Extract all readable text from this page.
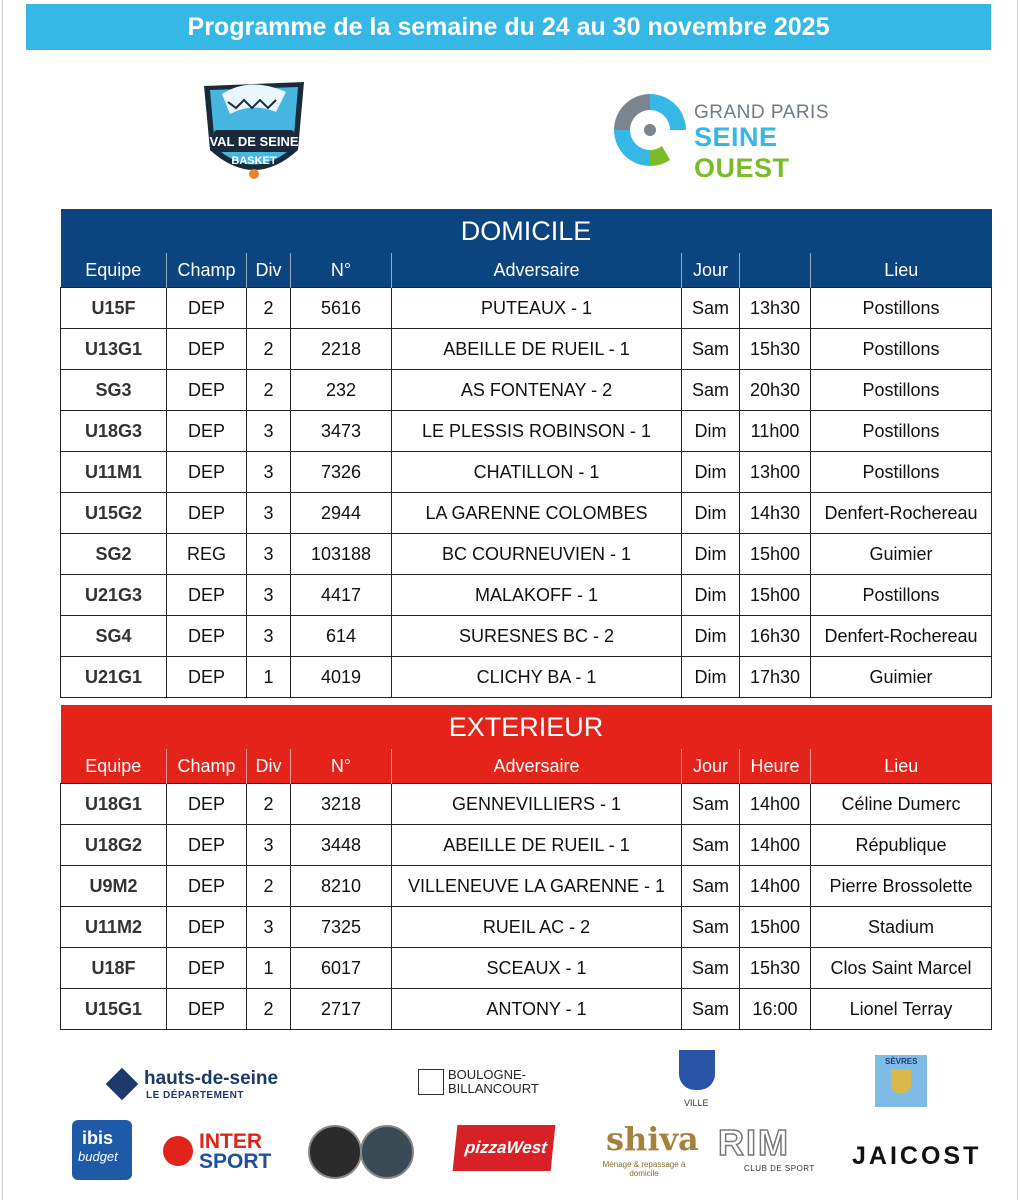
Programme de la semaine du 24 au 30 novembre 2025
VAL DE SEINE
BASKET
GRAND PARIS
SEINE OUEST
DOMICILE							
Equipe	Champ	Div	N°	Adversaire	Jour		Lieu
U15F	DEP	2	5616	PUTEAUX - 1	Sam	13h30	Postillons
U13G1	DEP	2	2218	ABEILLE DE RUEIL - 1	Sam	15h30	Postillons
SG3	DEP	2	232	AS FONTENAY - 2	Sam	20h30	Postillons
U18G3	DEP	3	3473	LE PLESSIS ROBINSON - 1	Dim	11h00	Postillons
U11M1	DEP	3	7326	CHATILLON - 1	Dim	13h00	Postillons
U15G2	DEP	3	2944	LA GARENNE COLOMBES	Dim	14h30	Denfert-Rochereau
SG2	REG	3	103188	BC COURNEUVIEN - 1	Dim	15h00	Guimier
U21G3	DEP	3	4417	MALAKOFF - 1	Dim	15h00	Postillons
SG4	DEP	3	614	SURESNES BC - 2	Dim	16h30	Denfert-Rochereau
U21G1	DEP	1	4019	CLICHY BA - 1	Dim	17h30	Guimier
EXTERIEUR							
Equipe	Champ	Div	N°	Adversaire	Jour	Heure	Lieu
U18G1	DEP	2	3218	GENNEVILLIERS - 1	Sam	14h00	Céline Dumerc
U18G2	DEP	3	3448	ABEILLE DE RUEIL - 1	Sam	14h00	République
U9M2	DEP	2	8210	VILLENEUVE LA GARENNE - 1	Sam	14h00	Pierre Brossolette
U11M2	DEP	3	7325	RUEIL AC - 2	Sam	15h00	Stadium
U18F	DEP	1	6017	SCEAUX - 1	Sam	15h30	Clos Saint Marcel
U15G1	DEP	2	2717	ANTONY - 1	Sam	16:00	Lionel Terray
hauts-de-seine
LE DÉPARTEMENT
BOULOGNE-
BILLANCOURT
VILLE
SÈVRES
ibis
budget
INTER
SPORT
pizzaWest shiva
Ménage & repassage à domicile
RIM
CLUB DE SPORT JAICOST
